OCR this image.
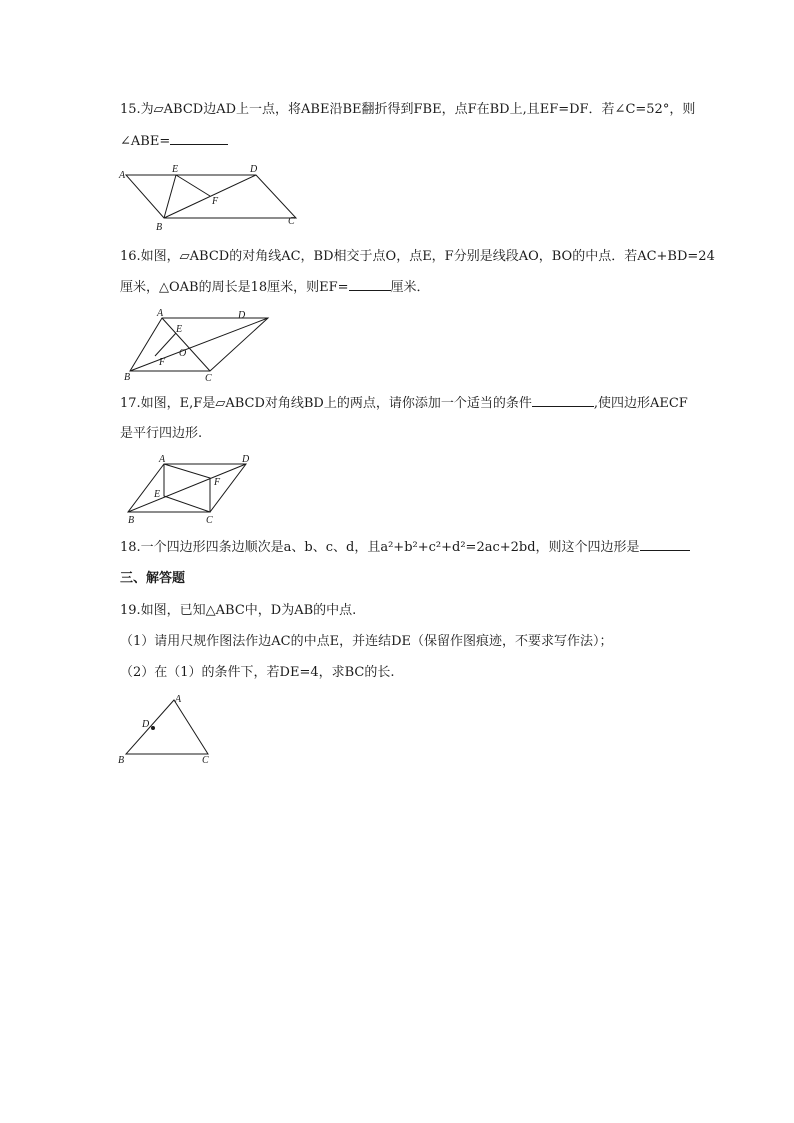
15.为▱ABCD边AD上一点，将ABE沿BE翻折得到FBE，点F在BD上,且EF=DF．若∠C=52°，则
∠ABE=
A
E	D
F
B
C
16.如图，▱ABCD的对角线AC，BD相交于点O，点E，F分别是线段AO，BO的中点．若AC+BD=24
厘米，△OAB的周长是18厘米，则EF=	厘米．
A
E
D
O
F
B	C
17.如图，E,F是▱ABCD对角线BD上的两点，请你添加一个适当的条件	,使四边形AECF
是平行四边形.
A	D
E
F
B	C
18.一个四边形四条边顺次是a、b、c、d，且a²+b²+c²+d²=2ac+2bd，则这个四边形是
三、解答题
19.如图，已知△ABC中，D为AB的中点.
（1）请用尺规作图法作边AC的中点E，并连结DE（保留作图痕迹，不要求写作法）；
（2）在（1）的条件下，若DE=4，求BC的长.
A
D
B	C
